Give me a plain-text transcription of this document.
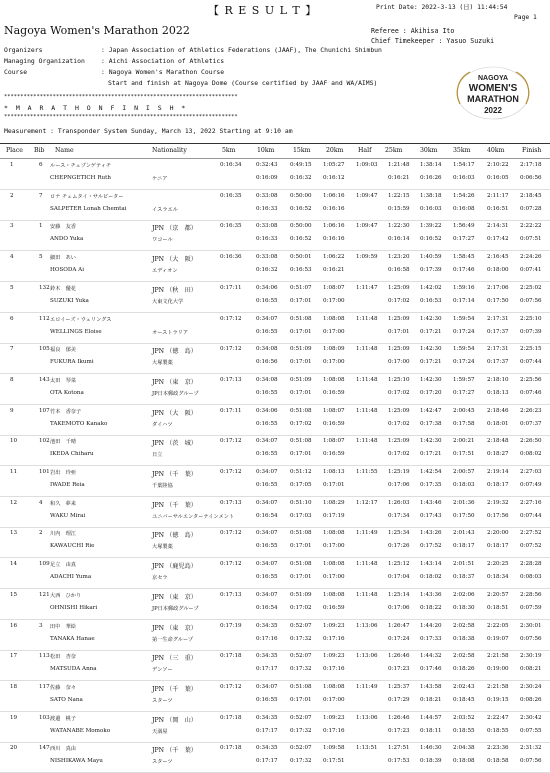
【 R E S U L T 】	Print Date: 2022-3-13 (日) 11:44:54
Page 1
Nagoya Women's Marathon 2022	Referee : Akihisa Ito
Chief Timekeeper : Yasuo Suzuki
Organizers	: Japan Association of Athletics Federations (JAAF), The Chunichi Shimbun
Managing Organization	: Aichi Association of Athletics
Course	: Nagoya Women's Marathon Course
Start and finish at Nagoya Dome (Course certified by JAAF and WA/AIMS)
************************************************************************
* M A R A T H O N F I N I S H *
************************************************************************
Measurement : Transponder System Sunday, March 13, 2022 Starting at 9:10 am
NAGOYA
WOMEN'S
MARATHON
2022
Place Bib Name	Nationality	5km	10km	15km	20km Half 25km	30km	35km	40km	Finish
1	6 ルース・チェプンゲティチ
CHEPNGETICH Ruth	ケニア
0:16:34	0:32:43 0:49:15 1:05:27 1:09:03 1:21:48 1:38:14 1:54:17 2:10:22 2:17:18
0:16:09 0:16:32 0:16:12	0:16:21 0:16:26 0:16:03 0:16:05 0:06:56
2	7 ロナ チェムタイ・サルピーター
SALPETER Lonah Chemtai	イスラエル
0:16:35	0:33:08 0:50:00 1:06:16 1:09:47 1:22:15 1:38:18 1:54:26 2:11:17 2:18:45
0:16:33 0:16:52 0:16:16	0:15:59 0:16:03 0:16:08 0:16:51 0:07:28
3	1 安藤　友香
ANDO Yuka
JPN （京　都）
ワコール
0:16:35	0:33:08 0:50:00 1:06:16 1:09:47 1:22:30 1:39:22 1:56:49 2:14:31 2:22:22
0:16:33 0:16:52 0:16:16	0:16:14 0:16:52 0:17:27 0:17:42 0:07:51
4	5 細田　あい
HOSODA Ai
JPN （大　阪）
エディオン
0:16:36	0:33:08 0:50:01 1:06:22 1:09:59 1:23:20 1:40:59 1:58:45 2:16:45 2:24:26
0:16:32 0:16:53 0:16:21	0:16:58 0:17:39 0:17:46 0:18:00 0:07:41
5	132 鈴木　優花
SUZUKI Yuka
JPN （秋　田）
大東文化大学
0:17:11	0:34:06 0:51:07 1:08:07 1:11:47 1:25:09 1:42:02 1:59:16 2:17:06 2:25:02
0:16:55 0:17:01 0:17:00	0:17:02 0:16:53 0:17:14 0:17:50 0:07:56
6	112 エロイーズ・ウェリングス
WELLINGS Eloise	オーストラリア
0:17:12	0:34:07 0:51:08 1:08:08 1:11:48 1:25:09 1:42:30 1:59:54 2:17:31 2:25:10
0:16:55 0:17:01 0:17:00	0:17:01 0:17:21 0:17:24 0:17:37 0:07:39
7	105 福良　郁美
FUKURA Ikumi
JPN （徳　島）
大塚製薬
0:17:12	0:34:08 0:51:09 1:08:09 1:11:48 1:25:09 1:42:30 1:59:54 2:17:31 2:25:15
0:16:56 0:17:01 0:17:00	0:17:00 0:17:21 0:17:24 0:17:37 0:07:44
8	143 太田　琴菜
OTA Kotona
JPN （東　京）
JP日本郵政グループ
0:17:13	0:34:08 0:51:09 1:08:08 1:11:48 1:25:10 1:42:30 1:59:57 2:18:10 2:25:56
0:16:55 0:17:01 0:16:59	0:17:02 0:17:20 0:17:27 0:18:13 0:07:46
9	107 竹本　香奈子
TAKEMOTO Kanako
JPN （大　阪）
ダイハツ
0:17:11	0:34:06 0:51:08 1:08:07 1:11:48 1:25:09 1:42:47 2:00:45 2:18:46 2:26:23
0:16:55 0:17:02 0:16:59	0:17:02 0:17:38 0:17:58 0:18:01 0:07:37
10	102 池田　千晴
IKEDA Chiharu
JPN （茨　城）
日立
0:17:12	0:34:07 0:51:08 1:08:07 1:11:48 1:25:09 1:42:30 2:00:21 2:18:48 2:26:50
0:16:55 0:17:01 0:16:59	0:17:02 0:17:21 0:17:51 0:18:27 0:08:02
11	101 岩出　玲亜
IWADE Reia
JPN （千　葉）
千葉陸協
0:17:12	0:34:07 0:51:12 1:08:13 1:11:55 1:25:19 1:42:54 2:00:57 2:19:14 2:27:03
0:16:55 0:17:05 0:17:01	0:17:06 0:17:35 0:18:03 0:18:17 0:07:49
12	4 和久　夢来
WAKU Mirai
JPN （千　葉）
ユニバーサルエンターテインメント
0:17:13	0:34:07 0:51:10 1:08:29 1:12:17 1:26:03 1:43:46 2:01:36 2:19:32 2:27:16
0:16:54 0:17:03 0:17:19	0:17:34 0:17:43 0:17:50 0:17:56 0:07:44
13	2 川内　理江
KAWAUCHI Rie
JPN （徳　島）
大塚製薬
0:17:12	0:34:07 0:51:08 1:08:08 1:11:49 1:25:34 1:43:26 2:01:43 2:20:00 2:27:52
0:16:55 0:17:01 0:17:00	0:17:26 0:17:52 0:18:17 0:18:17 0:07:52
14	109 足立　由真
ADACHI Yuma
JPN （鹿児島）
京セラ
0:17:12	0:34:07 0:51:08 1:08:08 1:11:48 1:25:12 1:43:14 2:01:51 2:20:25 2:28:28
0:16:55 0:17:01 0:17:00	0:17:04 0:18:02 0:18:37 0:18:34 0:08:03
15	121 大西　ひかり
OHNISHI Hikari
JPN （東　京）
JP日本郵政グループ
0:17:13	0:34:07 0:51:09 1:08:08 1:11:48 1:25:14 1:43:36 2:02:06 2:20:57 2:28:56
0:16:54 0:17:02 0:16:59	0:17:06 0:18:22 0:18:30 0:18:51 0:07:59
16	3 田中　華絵
TANAKA Hanae
JPN （東　京）
第一生命グループ
0:17:19	0:34:35 0:52:07 1:09:23 1:13:06 1:26:47 1:44:20 2:02:58 2:22:05 2:30:01
0:17:16 0:17:32 0:17:16	0:17:24 0:17:33 0:18:38 0:19:07 0:07:56
17	113 松田　杏奈
MATSUDA Anna
JPN （三　重）
デンソー
0:17:18	0:34:35 0:52:07 1:09:23 1:13:06 1:26:46 1:44:32 2:02:58 2:21:58 2:30:19
0:17:17 0:17:32 0:17:16	0:17:23 0:17:46 0:18:26 0:19:00 0:08:21
18	117 佐藤　奈々
SATO Nana
JPN （千　葉）
スターツ
0:17:12	0:34:07 0:51:08 1:08:08 1:11:49 1:25:37 1:43:58 2:02:43 2:21:58 2:30:24
0:16:55 0:17:01 0:17:00	0:17:29 0:18:21 0:18:45 0:19:15 0:08:26
19	103 渡邊　桃子
WATANABE Momoko
JPN （岡　山）
天満屋
0:17:18	0:34:35 0:52:07 1:09:23 1:13:06 1:26:46 1:44:57 2:03:52 2:22:47 2:30:42
0:17:17 0:17:32 0:17:16	0:17:23 0:18:11 0:18:55 0:18:55 0:07:55
20	147 西川　真由
NISHIKAWA Mayu
JPN （千　葉）
スターツ
0:17:18	0:34:35 0:52:07 1:09:58 1:13:51 1:27:51 1:46:30 2:04:38 2:23:36 2:31:32
0:17:17 0:17:32 0:17:51	0:17:53 0:18:39 0:18:08 0:18:58 0:07:56
